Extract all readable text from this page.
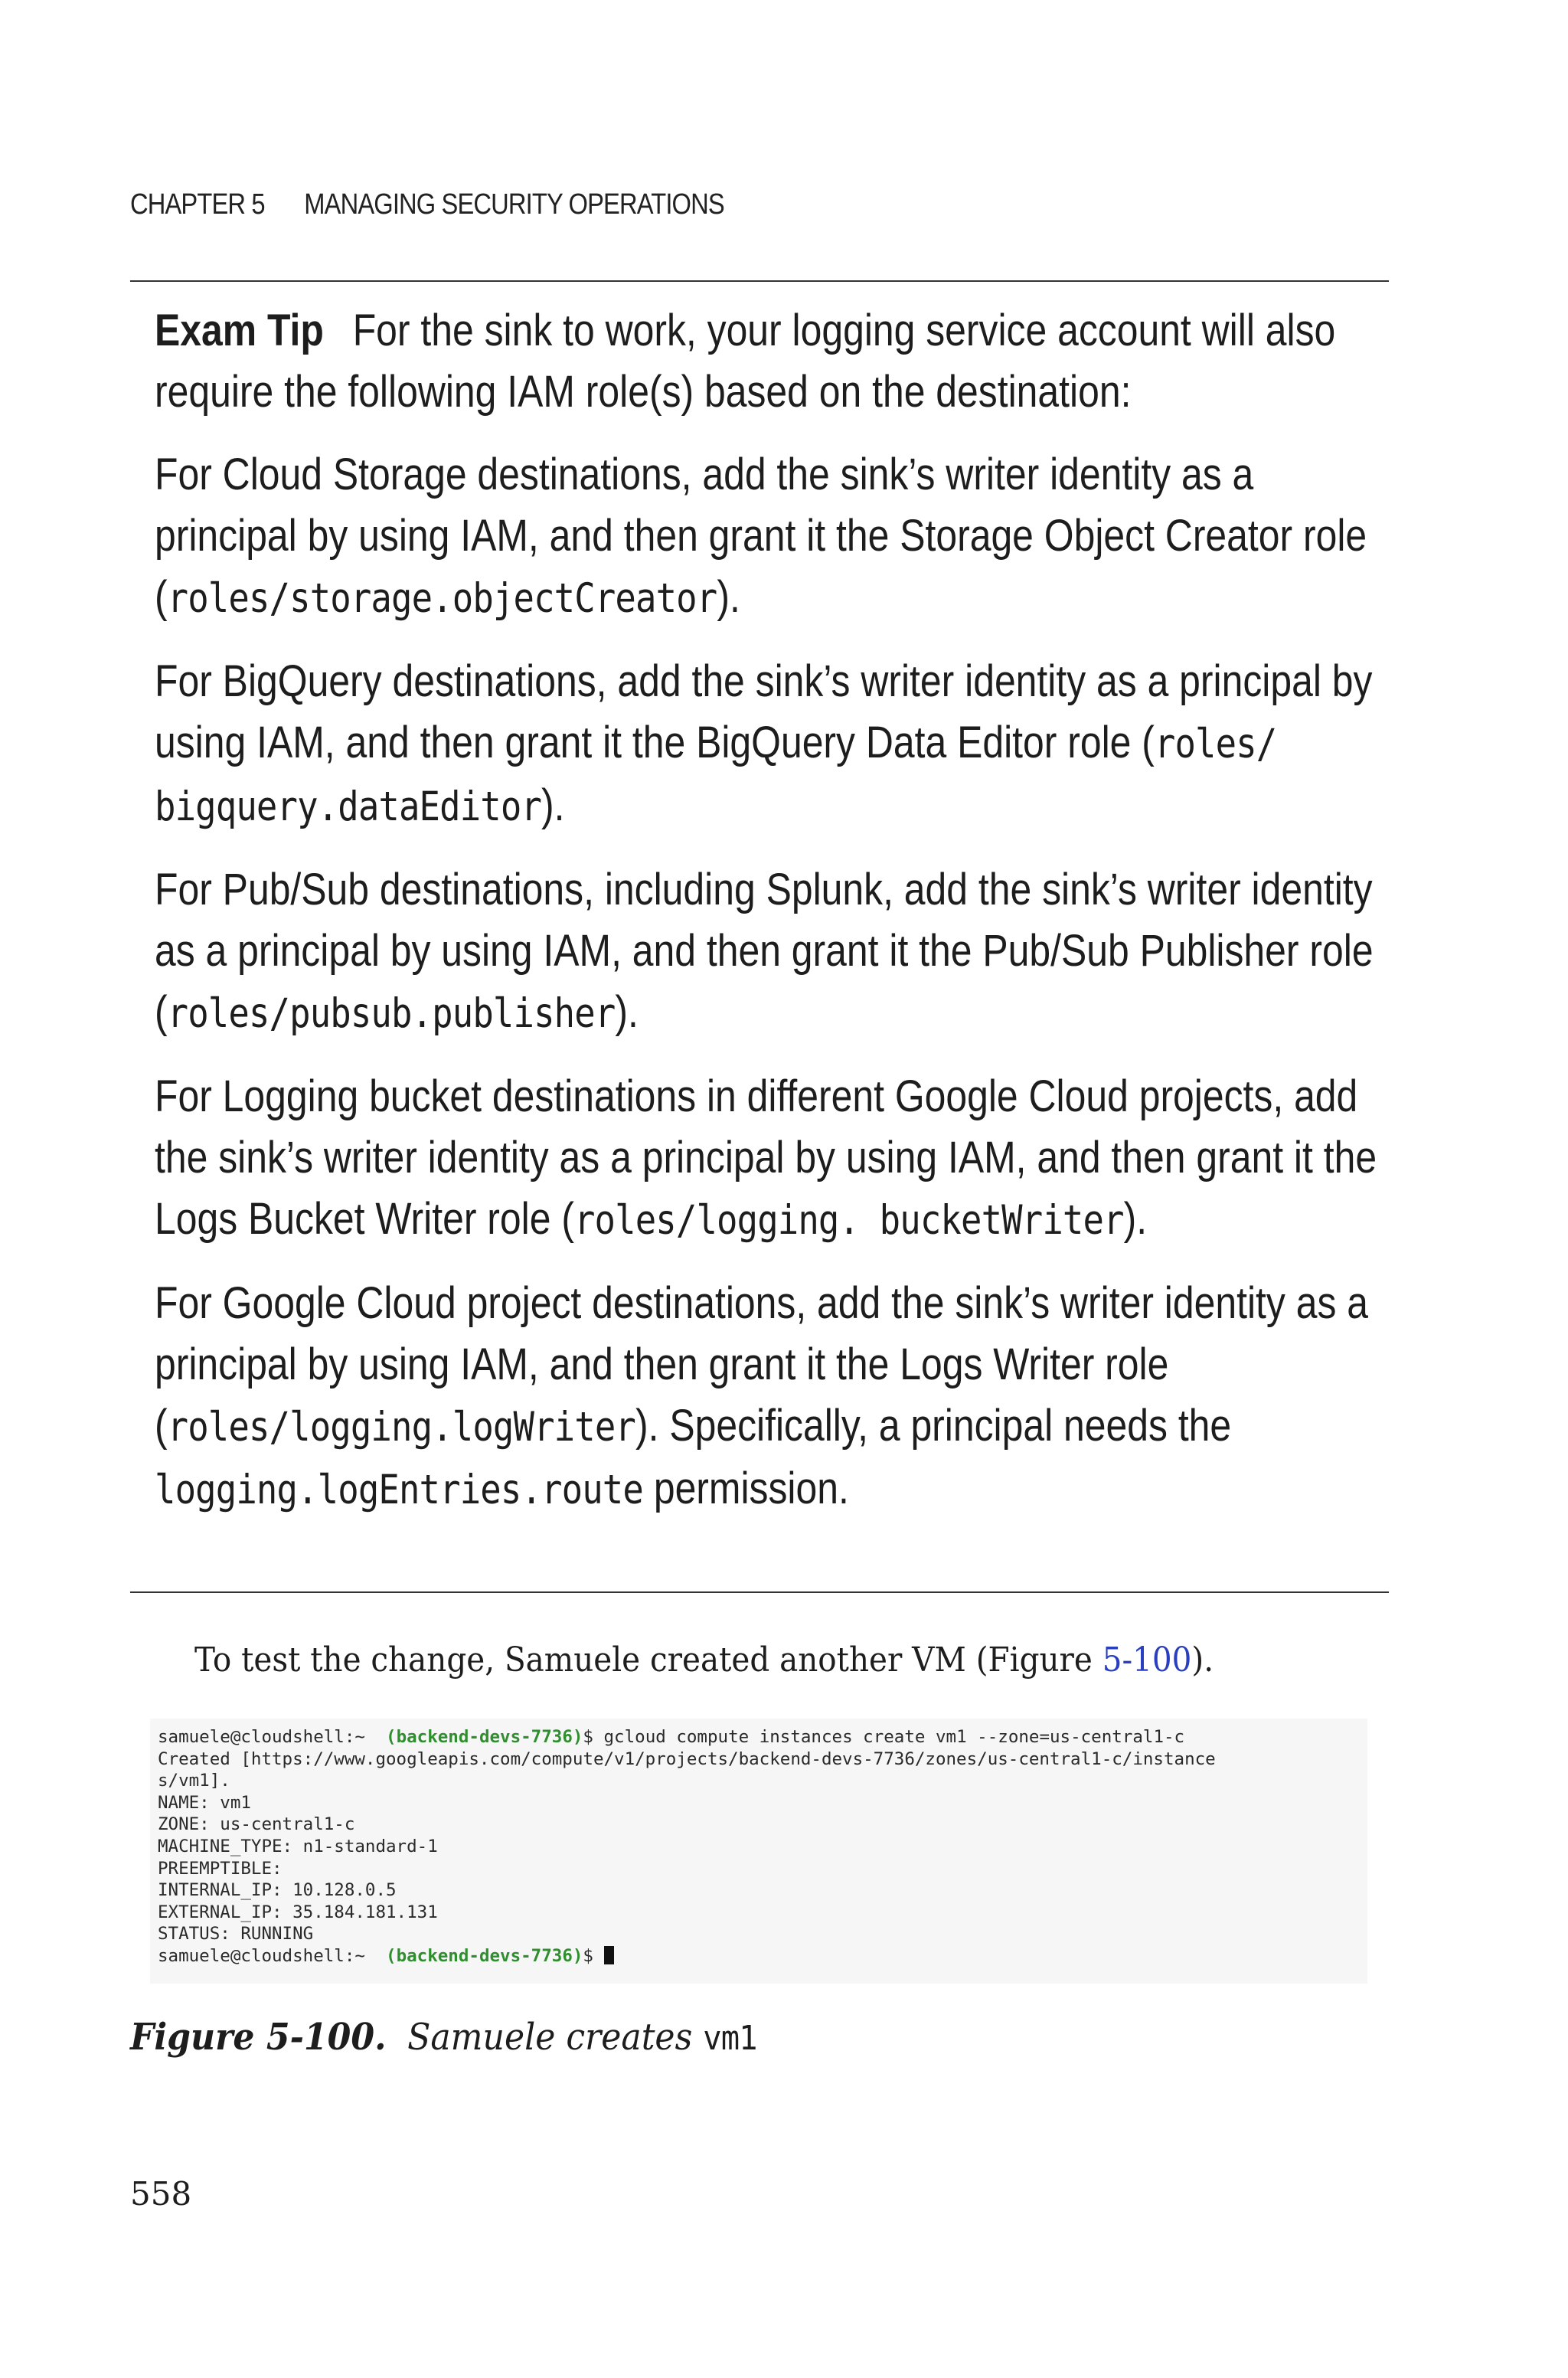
CHAPTER 5 MANAGING SECURITY OPERATIONS

Exam Tip For the sink to work, your logging service account will also require the following IAM role(s) based on the destination:

For Cloud Storage destinations, add the sink’s writer identity as a principal by using IAM, and then grant it the Storage Object Creator role (roles/storage.objectCreator).

For BigQuery destinations, add the sink’s writer identity as a principal by using IAM, and then grant it the BigQuery Data Editor role (roles/ bigquery.dataEditor).

For Pub/Sub destinations, including Splunk, add the sink’s writer identity as a principal by using IAM, and then grant it the Pub/Sub Publisher role (roles/pubsub.publisher).

For Logging bucket destinations in different Google Cloud projects, add the sink’s writer identity as a principal by using IAM, and then grant it the Logs Bucket Writer role (roles/logging. bucketWriter).

For Google Cloud project destinations, add the sink’s writer identity as a principal by using IAM, and then grant it the Logs Writer role (roles/logging.logWriter). Specifically, a principal needs the logging.logEntries.route permission.

To test the change, Samuele created another VM (Figure 5-100).
samuele@cloudshell:~ (backend-devs-7736)$ gcloud compute instances create vm1 --zone=us-central1-c
Created [https://www.googleapis.com/compute/v1/projects/backend-devs-7736/zones/us-central1-c/instance
s/vm1].
NAME: vm1
ZONE: us-central1-c
MACHINE_TYPE: n1-standard-1
PREEMPTIBLE:
INTERNAL_IP: 10.128.0.5
EXTERNAL_IP: 35.184.181.131
STATUS: RUNNING
samuele@cloudshell:~ (backend-devs-7736)$
Figure 5-100. Samuele creates vm1
558
